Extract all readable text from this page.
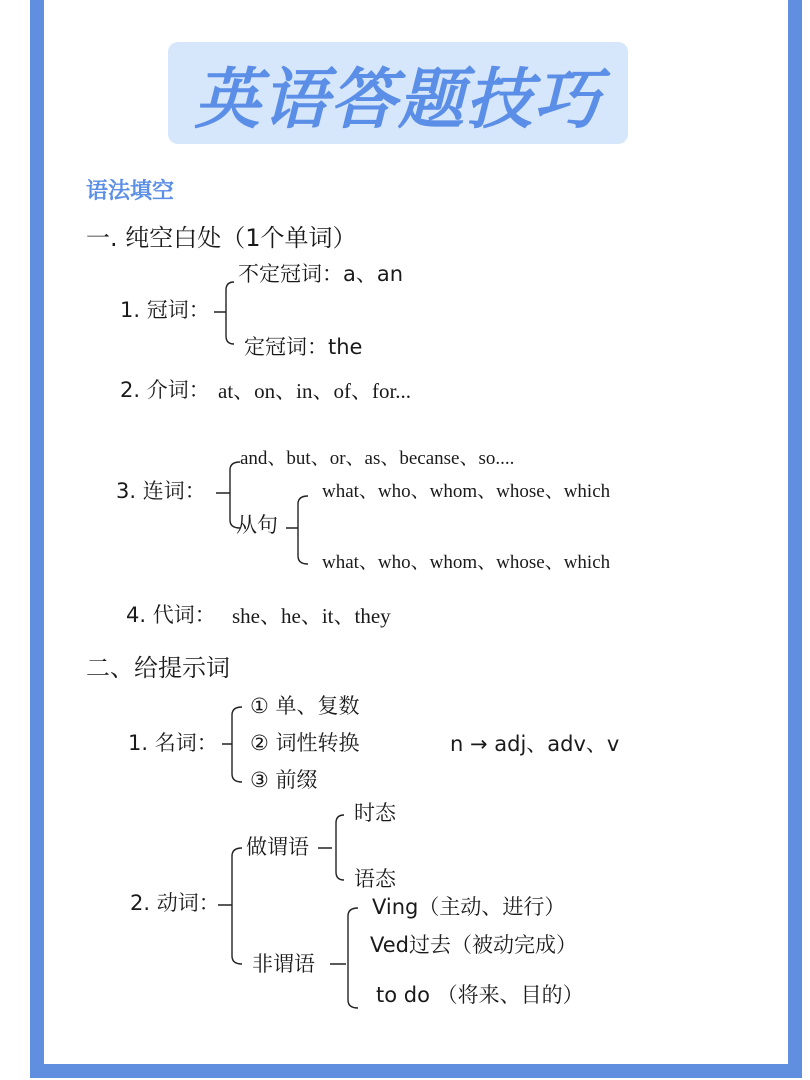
英语答题技巧
语法填空
一. 纯空白处（1个单词）
1. 冠词：
不定冠词：a、an
定冠词：the
2. 介词： at、on、in、of、for...
3. 连词：
and、but、or、as、becanse、so....
从句
what、who、whom、whose、which
what、who、whom、whose、which
4. 代词： she、he、it、they
二、给提示词
1. 名词：
① 单、复数
② 词性转换
③ 前缀
n → adj、adv、v
2. 动词：
做谓语
时态
语态
非谓语
Ving（主动、进行）
Ved过去（被动完成）
to do （将来、目的）
